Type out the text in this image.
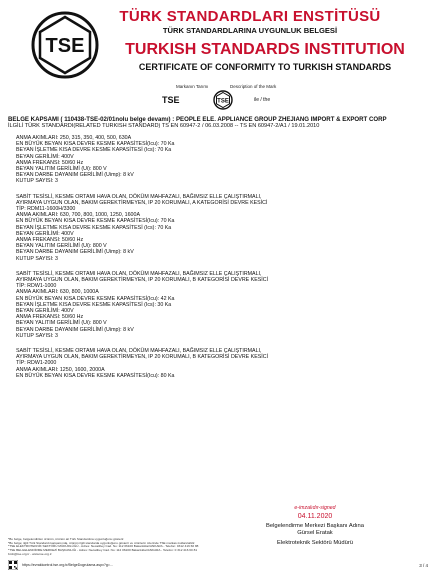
TSE
TÜRK STANDARDLARI ENSTİTÜSÜ
TÜRK STANDARDLARINA UYGUNLUK BELGESİ
TURKISH STANDARDS INSTITUTION
CERTIFICATE OF CONFORMITY TO TURKISH STANDARDS
Markanın Tarımı	Description of the Mark
TSE	TSE	ile / the
BELGE KAPSAMI ( 110438-TSE-02/01nolu belge devamı) : PEOPLE ELE. APPLIANCE GROUP ZHEJIANG IMPORT & EXPORT CORP
İLGİLİ TÜRK STANDARDI(RELATED TURKISH STANDARD) TS EN 60947-2 / 06.03.2008 -- TS EN 60947-2/A1 / 19.01.2010
ANMA AKIMLARI: 250, 315, 350, 400, 500, 630A
EN BÜYÜK BEYAN KISA DEVRE KESME KAPASİTESİ(Icu): 70 Ka
BEYAN İŞLETME KISA DEVRE KESME KAPASİTESİ (Ics): 70 Ka
BEYAN GERİLİMİ: 400V
ANMA FREKANSI: 50/60 Hz
BEYAN YALITIM GERİLİMİ (Ui): 800 V
BEYAN DARBE DAYANIM GERİLİMİ (Uimp): 8 kV
KUTUP SAYISI: 3
SABİT TESİSLİ, KESME ORTAMI HAVA OLAN, DÖKÜM MAHFAZALI, BAĞIMSIZ ELLE ÇALIŞTIRMALI,
AYIRMAYA UYGUN OLAN, BAKIM GEREKTİRMEYEN, IP 20 KORUMALI, A KATEGORİSİ DEVRE KESİCİ
TİP: RDM11-1600H/3300
ANMA AKIMLARI: 630, 700, 800, 1000, 1250, 1600A
EN BÜYÜK BEYAN KISA DEVRE KESME KAPASİTESİ(Icu): 70 Ka
BEYAN İŞLETME KISA DEVRE KESME KAPASİTESİ (Ics): 70 Ka
BEYAN GERİLİMİ: 400V
ANMA FREKANSI: 50/60 Hz
BEYAN YALITIM GERİLİMİ (Ui): 800 V
BEYAN DARBE DAYANIM GERİLİMİ (Uimp): 8 kV
KUTUP SAYISI: 3
SABİT TESİSLİ, KESME ORTAMI HAVA OLAN, DÖKÜM MAHFAZALI, BAĞIMSIZ ELLE ÇALIŞTIRMALI,
AYIRMAYA UYGUN OLAN, BAKIM GEREKTİRMEYEN, IP 20 KORUMALI, B KATEGORİSİ DEVRE KESİCİ
TİP: RDW1-1000
ANMA AKIMLARI: 630, 800, 1000A
EN BÜYÜK BEYAN KISA DEVRE KESME KAPASİTESİ(Icu): 42 Ka
BEYAN İŞLETME KISA DEVRE KESME KAPASİTESİ (Ics): 30 Ka
BEYAN GERİLİMİ: 400V
ANMA FREKANSI: 50/60 Hz
BEYAN YALITIM GERİLİMİ (Ui): 800 V
BEYAN DARBE DAYANIM GERİLİMİ (Uimp): 8 kV
KUTUP SAYISI: 3
SABİT TESİSLİ, KESME ORTAMI HAVA OLAN, DÖKÜM MAHFAZALI, BAĞIMSIZ ELLE ÇALIŞTIRMALI,
AYIRMAYA UYGUN OLAN, BAKIM GEREKTİRMEYEN, IP 20 KORUMALI, B KATEGORİSİ DEVRE KESİCİ
TİP: RDW1-2000
ANMA AKIMLARI: 1250, 1600, 2000A
EN BÜYÜK BEYAN KISA DEVRE KESME KAPASİTESİ(Icu): 80 Ka
e-imzalıdır-signed
04.11.2020
Belgelendirme Merkezi Başkanı Adına
Gürsel Eratak
Elektroteknik Sektörü Müdürü
*Bu belge, belgelendirilen ürünün, ürünün ait Türk Standardına uygunluğunu gösterir.
*Bu belge; ilgili Türk Standardı kapsamında, ürünün ilgili standarda uygunluğunu gösterir ve ürünlerin üzerinde TSE markası kullanılabilir.
*TSE ELEKTROTEKNİK SEKTÖRÜ MÜDÜRLÜĞÜ - Adres: Necatibey Cad. No: 112 06100 Bakanlıklar/ANKARA - Telefon: 0312 416 60 88
*TSE BELGELENDİRME MERKEZİ BAŞKANLIĞI - Adres: Necatibey Cad. No: 112 06100 Bakanlıklar/ANKARA - Telefon: 0 312 416 60 81
bmb@tse.org.tr - www.tse.org.tr
https://evrakkontrol.tse.org.tr/BelgeDogrulama.aspx?g=...	3 / 4
